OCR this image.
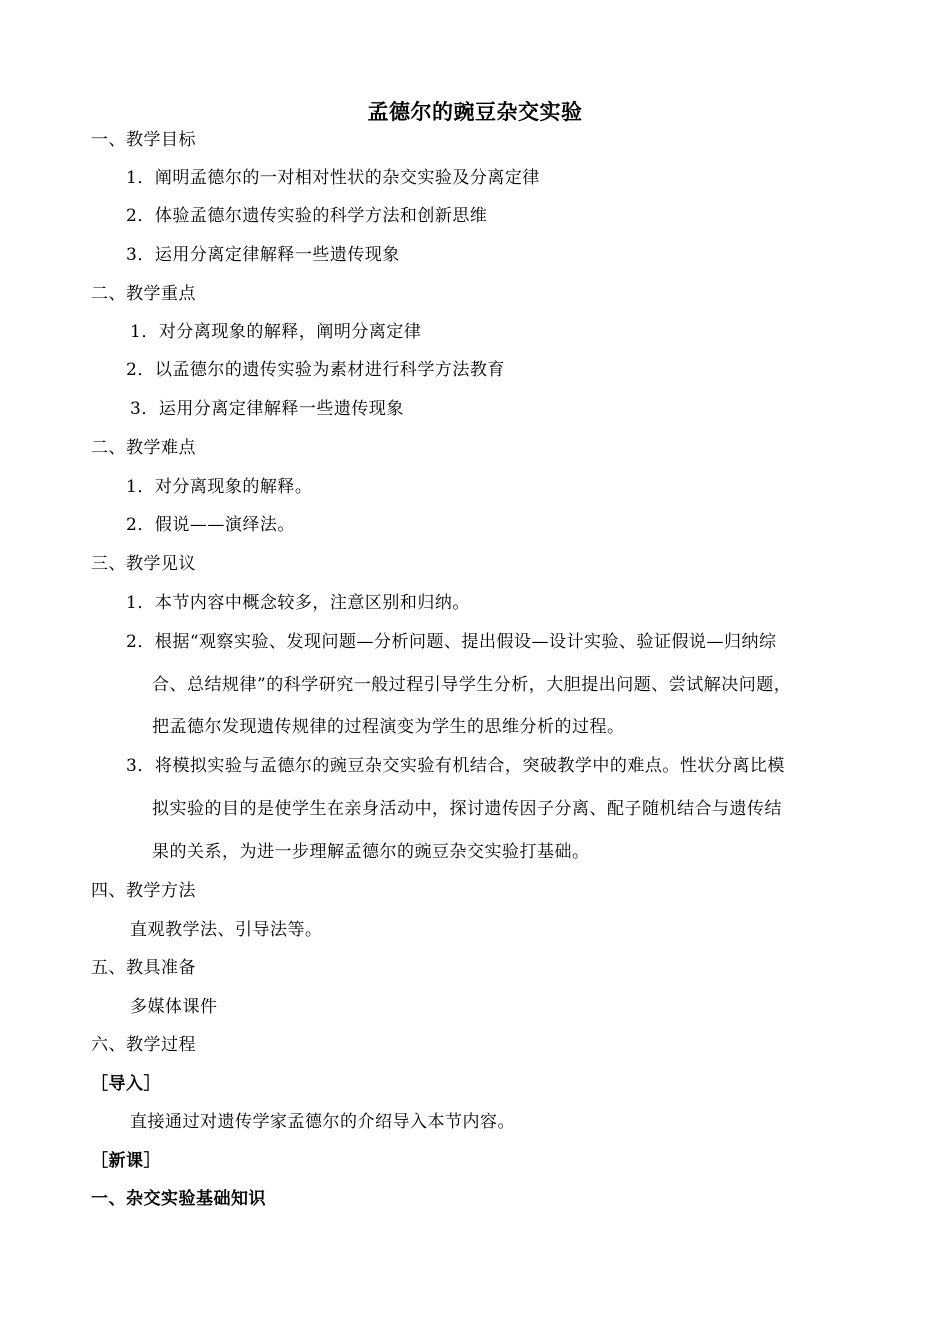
孟德尔的豌豆杂交实验
一、教学目标
1．阐明孟德尔的一对相对性状的杂交实验及分离定律
2．体验孟德尔遗传实验的科学方法和创新思维
3．运用分离定律解释一些遗传现象
二、教学重点
1．对分离现象的解释，阐明分离定律
2．以孟德尔的遗传实验为素材进行科学方法教育
3．运用分离定律解释一些遗传现象
二、教学难点
1．对分离现象的解释。
2．假说——演绎法。
三、教学见议
1．本节内容中概念较多，注意区别和归纳。
2．根据“观察实验、发现问题—分析问题、提出假设—设计实验、验证假说—归纳综
合、总结规律”的科学研究一般过程引导学生分析，大胆提出问题、尝试解决问题，
把孟德尔发现遗传规律的过程演变为学生的思维分析的过程。
3．将模拟实验与孟德尔的豌豆杂交实验有机结合，突破教学中的难点。性状分离比模
拟实验的目的是使学生在亲身活动中，探讨遗传因子分离、配子随机结合与遗传结
果的关系，为进一步理解孟德尔的豌豆杂交实验打基础。
四、教学方法
直观教学法、引导法等。
五、教具准备
多媒体课件
六、教学过程
［导入］
直接通过对遗传学家孟德尔的介绍导入本节内容。
［新课］
一、杂交实验基础知识
